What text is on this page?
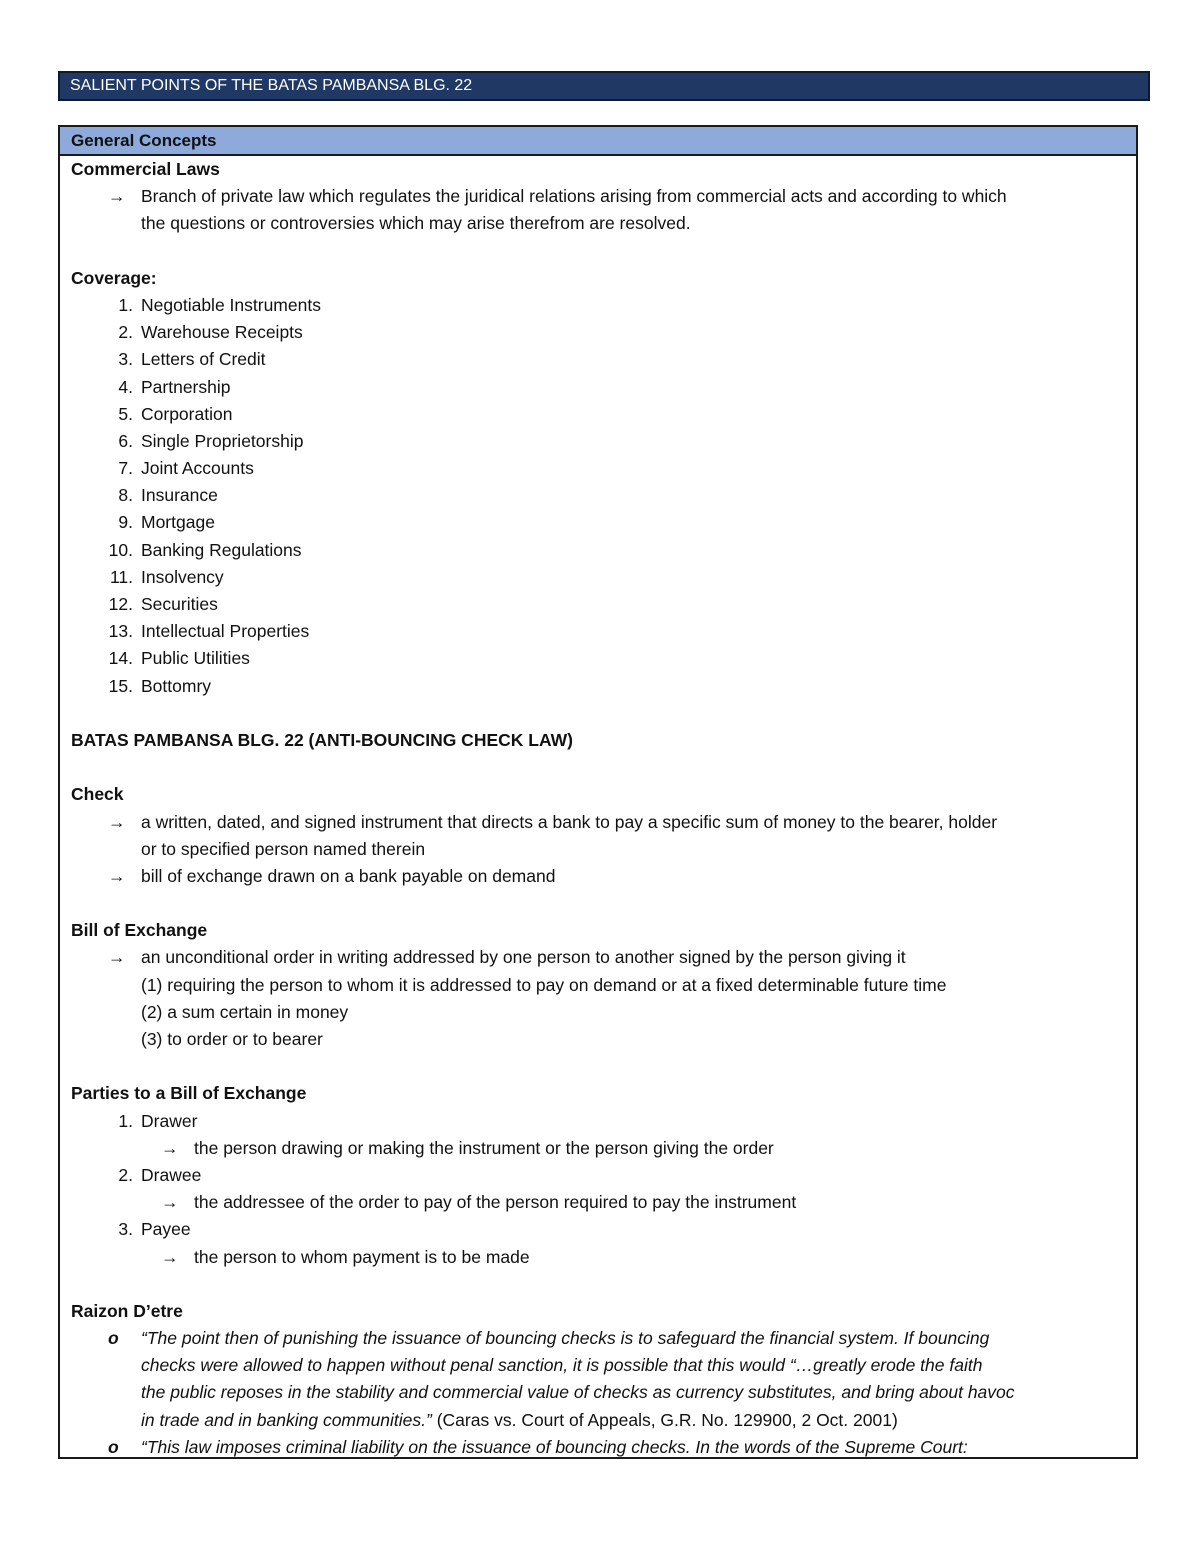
SALIENT POINTS OF THE BATAS PAMBANSA BLG. 22
General Concepts
Commercial Laws
→ Branch of private law which regulates the juridical relations arising from commercial acts and according to which
the questions or controversies which may arise therefrom are resolved.
Coverage:
1. Negotiable Instruments
2. Warehouse Receipts
3. Letters of Credit
4. Partnership
5. Corporation
6. Single Proprietorship
7. Joint Accounts
8. Insurance
9. Mortgage
10. Banking Regulations
11. Insolvency
12. Securities
13. Intellectual Properties
14. Public Utilities
15. Bottomry
BATAS PAMBANSA BLG. 22 (ANTI-BOUNCING CHECK LAW)
Check
→ a written, dated, and signed instrument that directs a bank to pay a specific sum of money to the bearer, holder
or to specified person named therein
→ bill of exchange drawn on a bank payable on demand
Bill of Exchange
→ an unconditional order in writing addressed by one person to another signed by the person giving it
(1) requiring the person to whom it is addressed to pay on demand or at a fixed determinable future time
(2) a sum certain in money
(3) to order or to bearer
Parties to a Bill of Exchange
1. Drawer
→ the person drawing or making the instrument or the person giving the order
2. Drawee
→ the addressee of the order to pay of the person required to pay the instrument
3. Payee
→ the person to whom payment is to be made
Raizon D’etre
o	“The point then of punishing the issuance of bouncing checks is to safeguard the financial system. If bouncing
checks were allowed to happen without penal sanction, it is possible that this would “…greatly erode the faith
the public reposes in the stability and commercial value of checks as currency substitutes, and bring about havoc
in trade and in banking communities.” (Caras vs. Court of Appeals, G.R. No. 129900, 2 Oct. 2001)
o	“This law imposes criminal liability on the issuance of bouncing checks. In the words of the Supreme Court:
